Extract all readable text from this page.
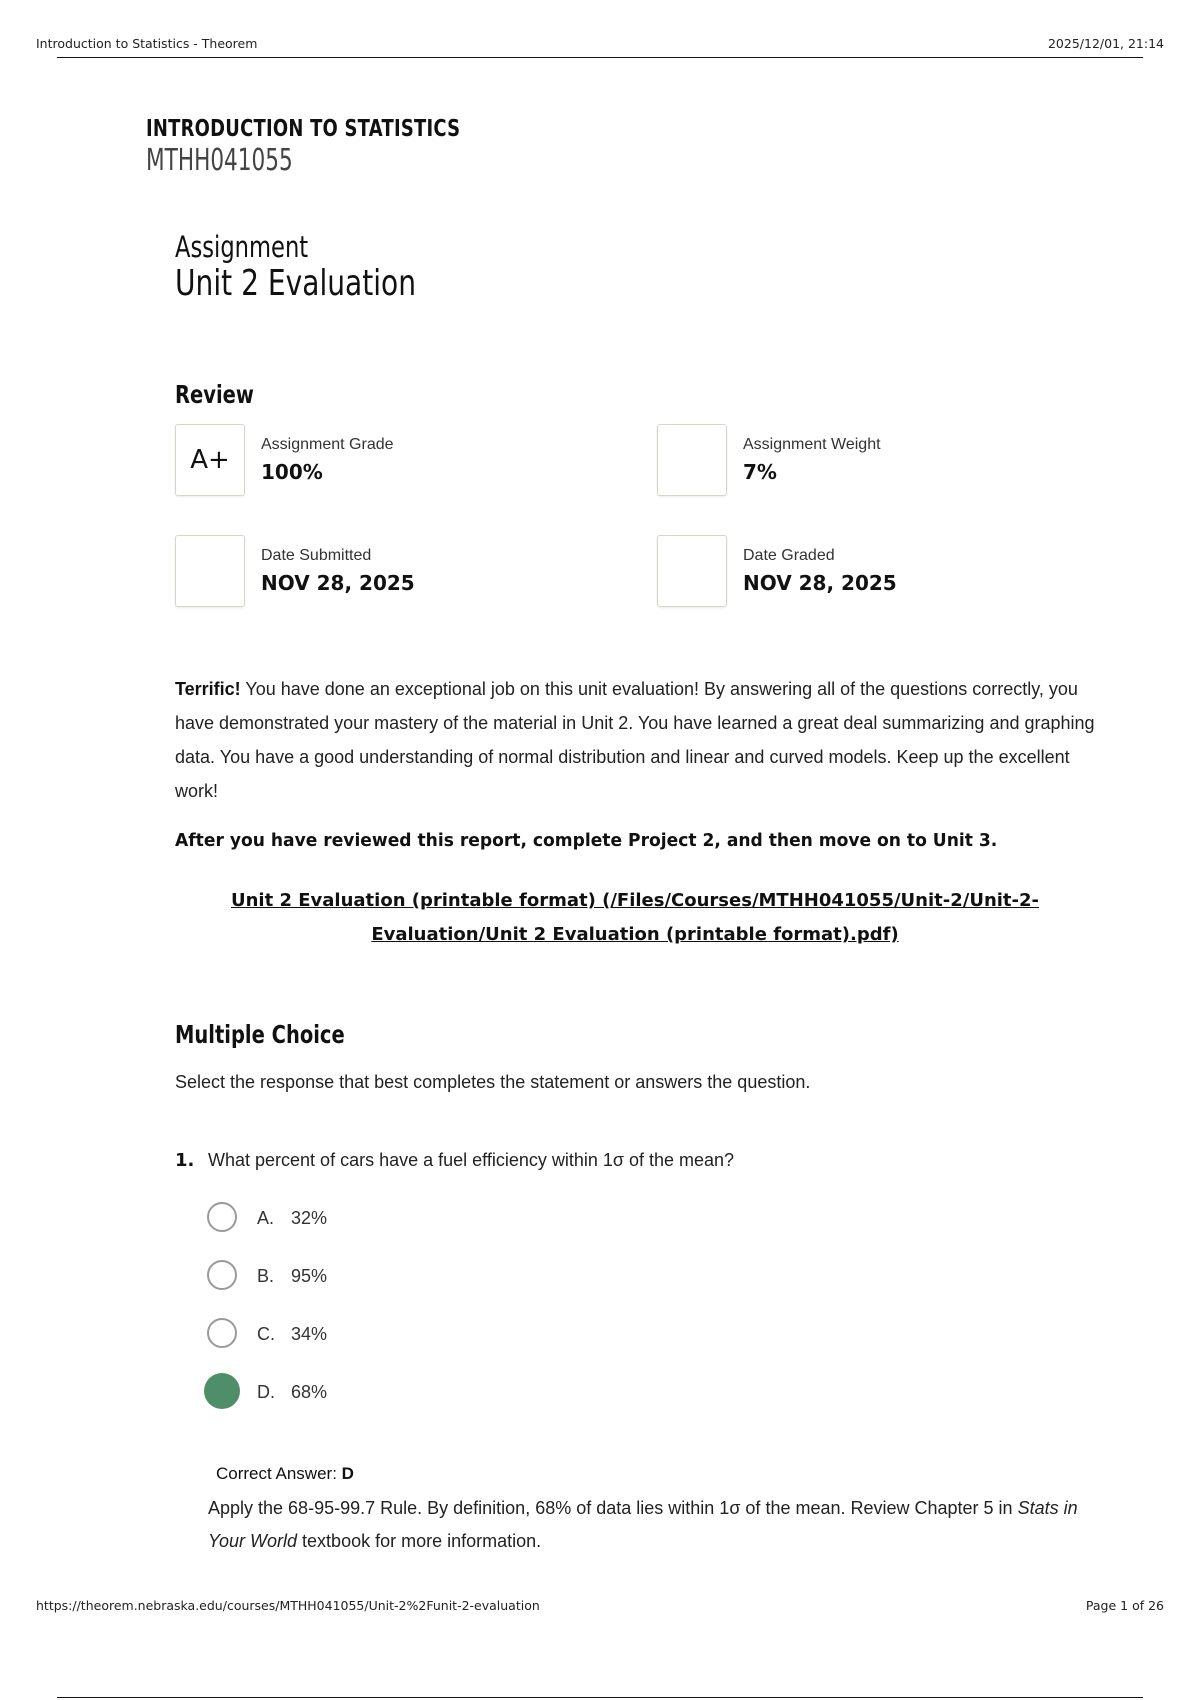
Introduction to Statistics - Theorem	2025/12/01, 21:14
INTRODUCTION TO STATISTICS
MTHH041055
Assignment
Unit 2 Evaluation
Review
A+
Assignment Grade
100%
Assignment Weight
7%
Date Submitted
NOV 28, 2025
Date Graded
NOV 28, 2025
Terrific! You have done an exceptional job on this unit evaluation! By answering all of the questions correctly, you have demonstrated your mastery of the material in Unit 2. You have learned a great deal summarizing and graphing data. You have a good understanding of normal distribution and linear and curved models. Keep up the excellent work!
After you have reviewed this report, complete Project 2, and then move on to Unit 3.
Unit 2 Evaluation (printable format) (/Files/Courses/MTHH041055/Unit-2/Unit-2-Evaluation/Unit 2 Evaluation (printable format).pdf)
Multiple Choice
Select the response that best completes the statement or answers the question.
1. What percent of cars have a fuel efficiency within 1σ of the mean?
A. 32%
B. 95%
C. 34%
D. 68%
Correct Answer: D
Apply the 68-95-99.7 Rule. By definition, 68% of data lies within 1σ of the mean. Review Chapter 5 in Stats in Your World textbook for more information.
https://theorem.nebraska.edu/courses/MTHH041055/Unit-2%2Funit-2-evaluation	Page 1 of 26
